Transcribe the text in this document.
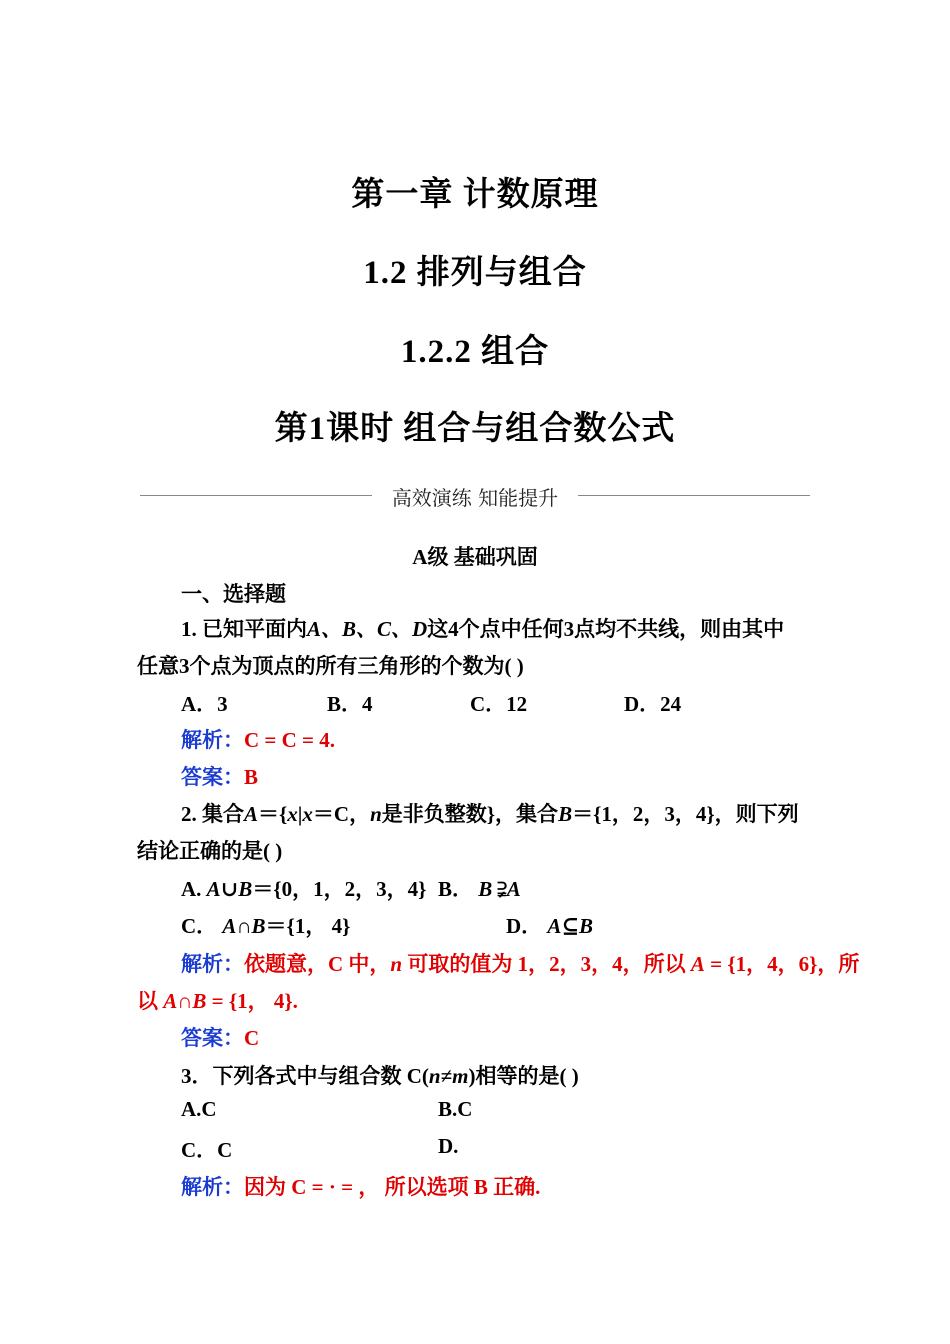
第一章 计数原理
1.2 排列与组合
1.2.2 组合
第1课时 组合与组合数公式
高效演练 知能提升
A级 基础巩固
一、选择题
1. 已知平面内A、B、C、D这4个点中任何3点均不共线，则由其中
任意3个点为顶点的所有三角形的个数为( )
A．3	B．4	C．12	D．24
解析：C = C = 4.
答案：B
2. 集合A＝{x|x＝C，n是非负整数}，集合B＝{1，2，3，4}，则下列
结论正确的是( )
A. A∪B＝{0，1，2，3，4} B． B ⫌A
C． A∩B＝{1， 4}	D． A⊆B
解析：依题意，C 中，n 可取的值为 1，2，3，4，所以 A = {1，4，6}，所
以 A∩B = {1， 4}.
答案：C
3．下列各式中与组合数 C(n≠m)相等的是( )
A.C	B.C
C．C	D.
解析：因为 C = · = ， 所以选项 B 正确.
